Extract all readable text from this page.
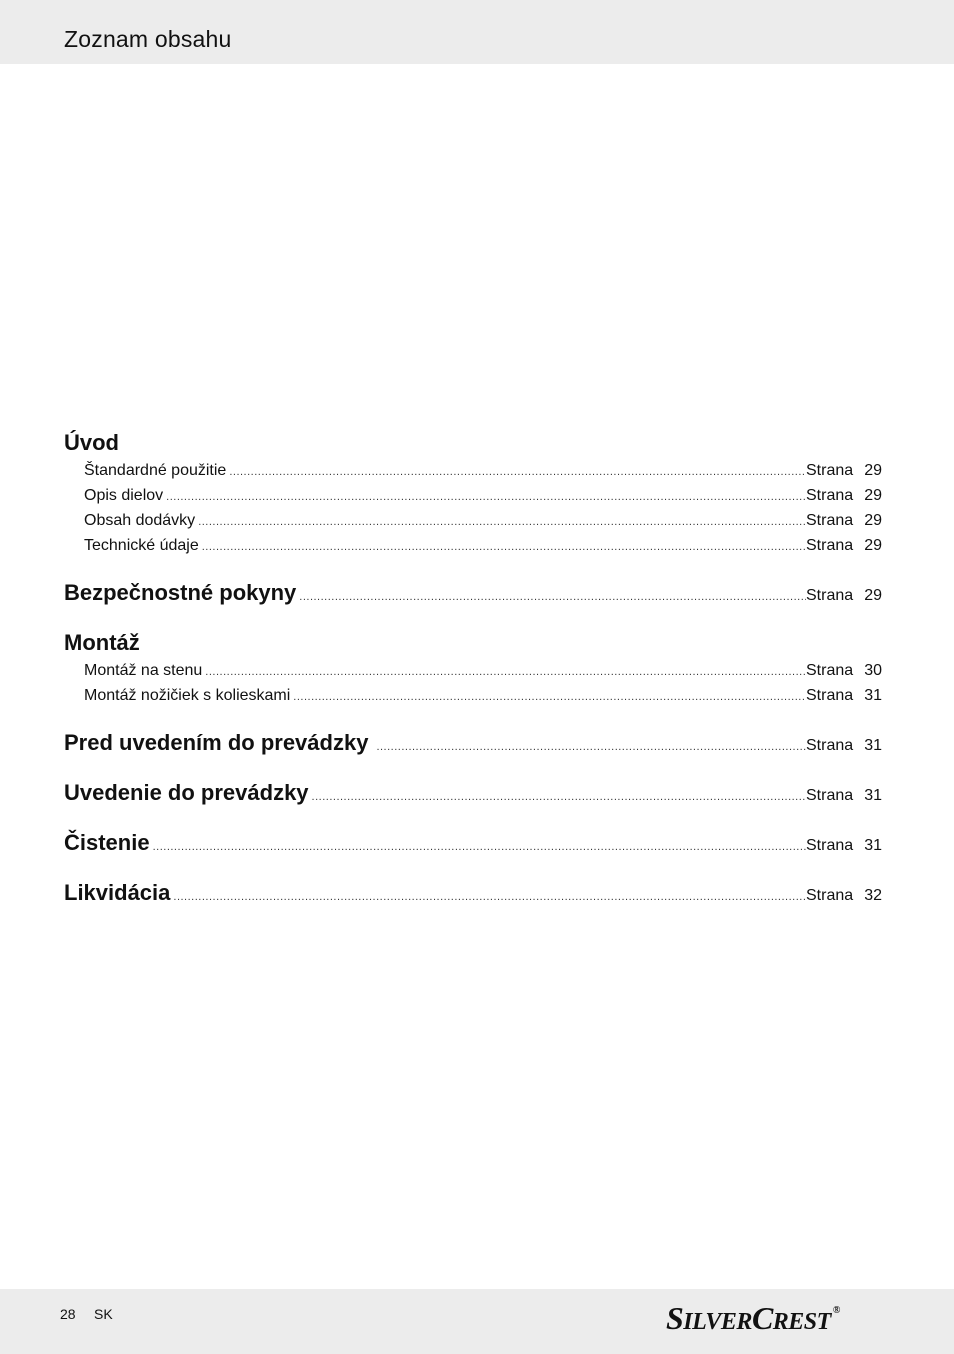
Zoznam obsahu
Úvod
Štandardné použitie .....	Strana 29
Opis dielov .....	Strana 29
Obsah dodávky .....	Strana 29
Technické údaje .....	Strana 29
Bezpečnostné pokyny .....	Strana 29
Montáž
Montáž na stenu .....	Strana 30
Montáž nožičiek s kolieskami .....	Strana 31
Pred uvedením do prevádzky .....	Strana 31
Uvedenie do prevádzky .....	Strana 31
Čistenie .....	Strana 31
Likvidácia .....	Strana 32
28 SK	S ILVER C REST ®
